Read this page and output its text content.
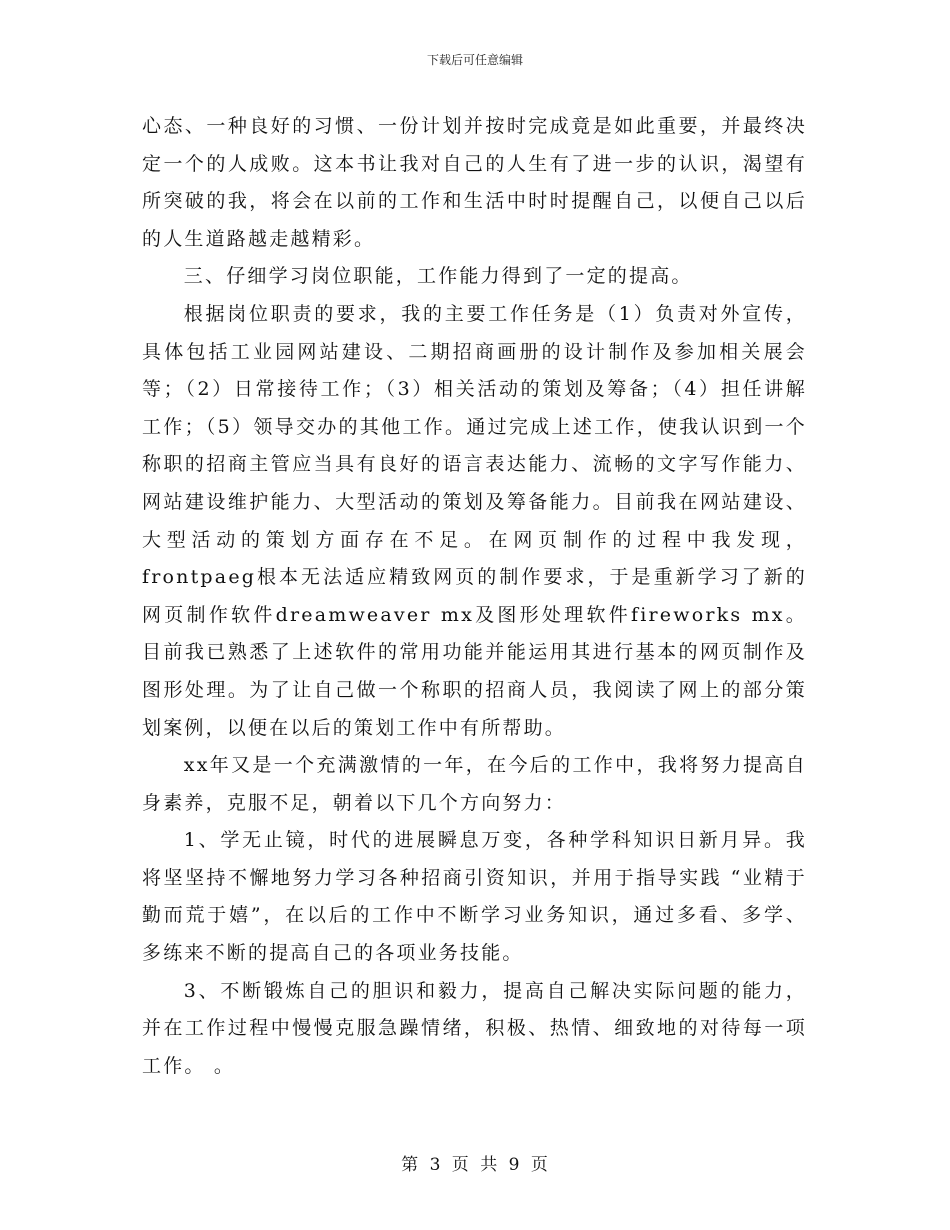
下载后可任意编辑

心态、一种良好的习惯、一份计划并按时完成竟是如此重要，并最终决定一个的人成败。这本书让我对自己的人生有了进一步的认识，渴望有所突破的我，将会在以前的工作和生活中时时提醒自己，以便自己以后的人生道路越走越精彩。

三、仔细学习岗位职能，工作能力得到了一定的提高。

根据岗位职责的要求，我的主要工作任务是（1）负责对外宣传，具体包括工业园网站建设、二期招商画册的设计制作及参加相关展会等；（2）日常接待工作；（3）相关活动的策划及筹备；（4）担任讲解工作；（5）领导交办的其他工作。通过完成上述工作，使我认识到一个称职的招商主管应当具有良好的语言表达能力、流畅的文字写作能力、网站建设维护能力、大型活动的策划及筹备能力。目前我在网站建设、大型活动的策划方面存在不足。在网页制作的过程中我发现，frontpaeg根本无法适应精致网页的制作要求，于是重新学习了新的网页制作软件dreamweaver mx及图形处理软件fireworks mx。目前我已熟悉了上述软件的常用功能并能运用其进行基本的网页制作及图形处理。为了让自己做一个称职的招商人员，我阅读了网上的部分策划案例，以便在以后的策划工作中有所帮助。

xx年又是一个充满激情的一年，在今后的工作中，我将努力提高自身素养，克服不足，朝着以下几个方向努力：

1、学无止镜，时代的进展瞬息万变，各种学科知识日新月异。我将坚坚持不懈地努力学习各种招商引资知识，并用于指导实践 “业精于勤而荒于嬉”，在以后的工作中不断学习业务知识，通过多看、多学、多练来不断的提高自己的各项业务技能。

3、不断锻炼自己的胆识和毅力，提高自己解决实际问题的能力，并在工作过程中慢慢克服急躁情绪，积极、热情、细致地的对待每一项工作。 。

第 3 页 共 9 页
